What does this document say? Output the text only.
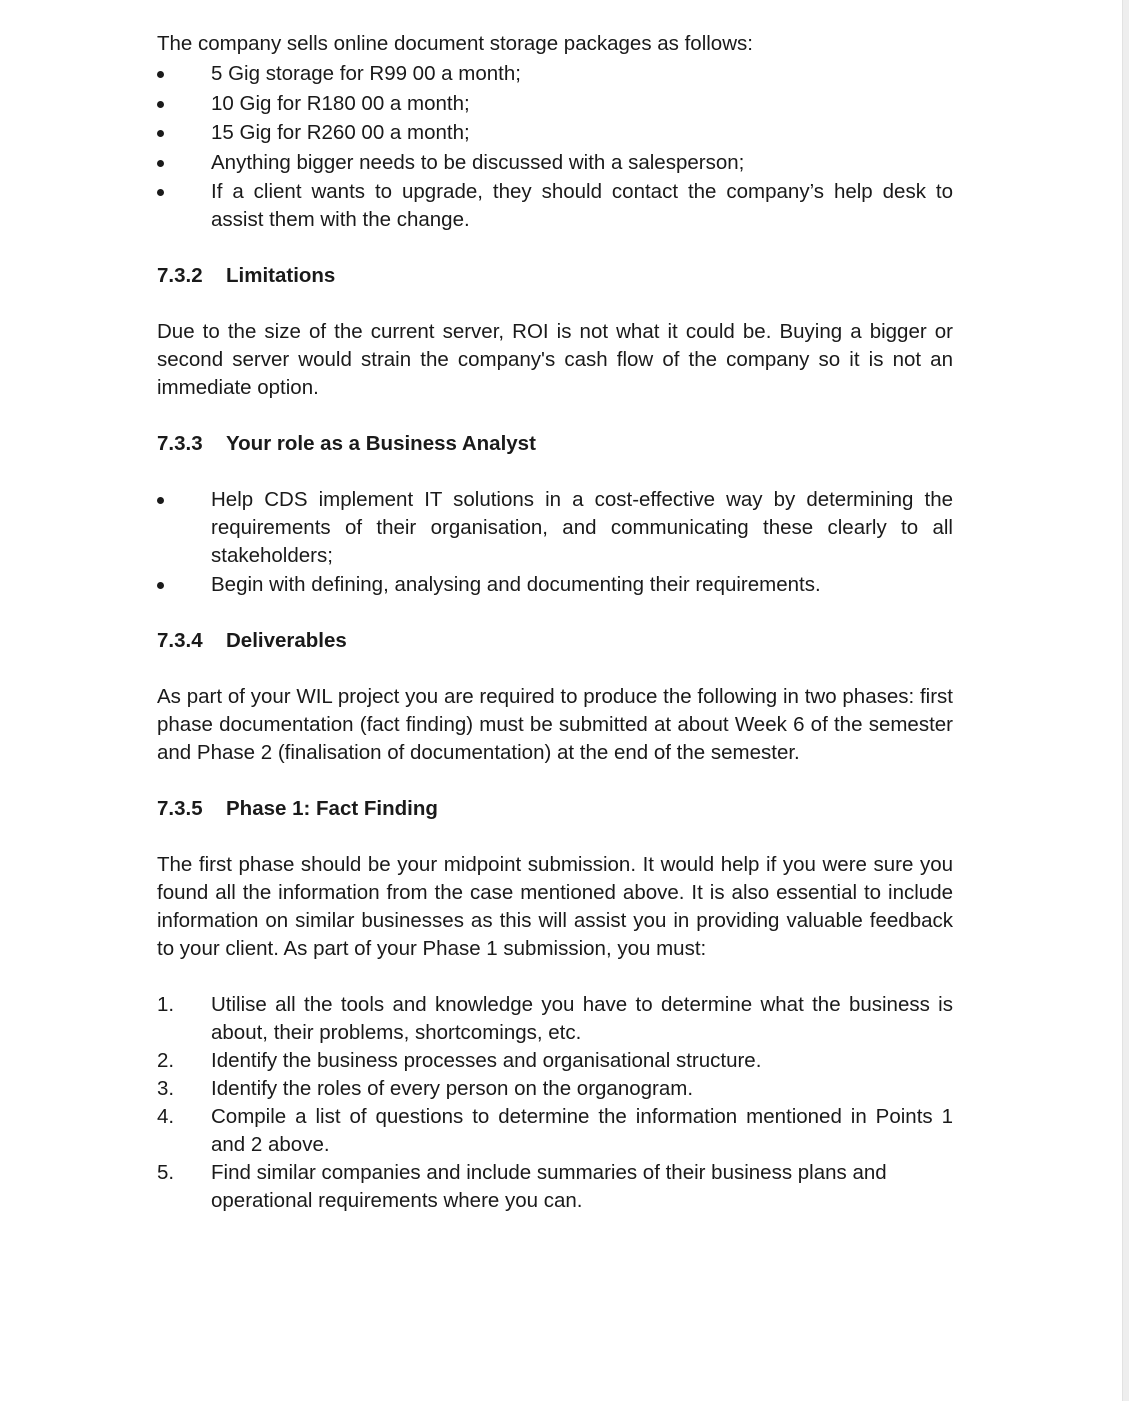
The company sells online document storage packages as follows:

5 Gig storage for R99 00 a month;
10 Gig for R180 00 a month;
15 Gig for R260 00 a month;
Anything bigger needs to be discussed with a salesperson;
If a client wants to upgrade, they should contact the company’s help desk to assist them with the change.
7.3.2	Limitations

Due to the size of the current server, ROI is not what it could be. Buying a bigger or second server would strain the company's cash flow of the company so it is not an immediate option.

7.3.3	Your role as a Business Analyst
Help CDS implement IT solutions in a cost-effective way by determining the requirements of their organisation, and communicating these clearly to all stakeholders;
Begin with defining, analysing and documenting their requirements.
7.3.4	Deliverables

As part of your WIL project you are required to produce the following in two phases: first phase documentation (fact finding) must be submitted at about Week 6 of the semester and Phase 2 (finalisation of documentation) at the end of the semester.

7.3.5	Phase 1: Fact Finding

The first phase should be your midpoint submission. It would help if you were sure you found all the information from the case mentioned above. It is also essential to include information on similar businesses as this will assist you in providing valuable feedback to your client. As part of your Phase 1 submission, you must:

1. Utilise all the tools and knowledge you have to determine what the business is about, their problems, shortcomings, etc.
2. Identify the business processes and organisational structure.
3. Identify the roles of every person on the organogram.
4. Compile a list of questions to determine the information mentioned in Points 1 and 2 above.
5. Find similar companies and include summaries of their business plans and operational requirements where you can.
